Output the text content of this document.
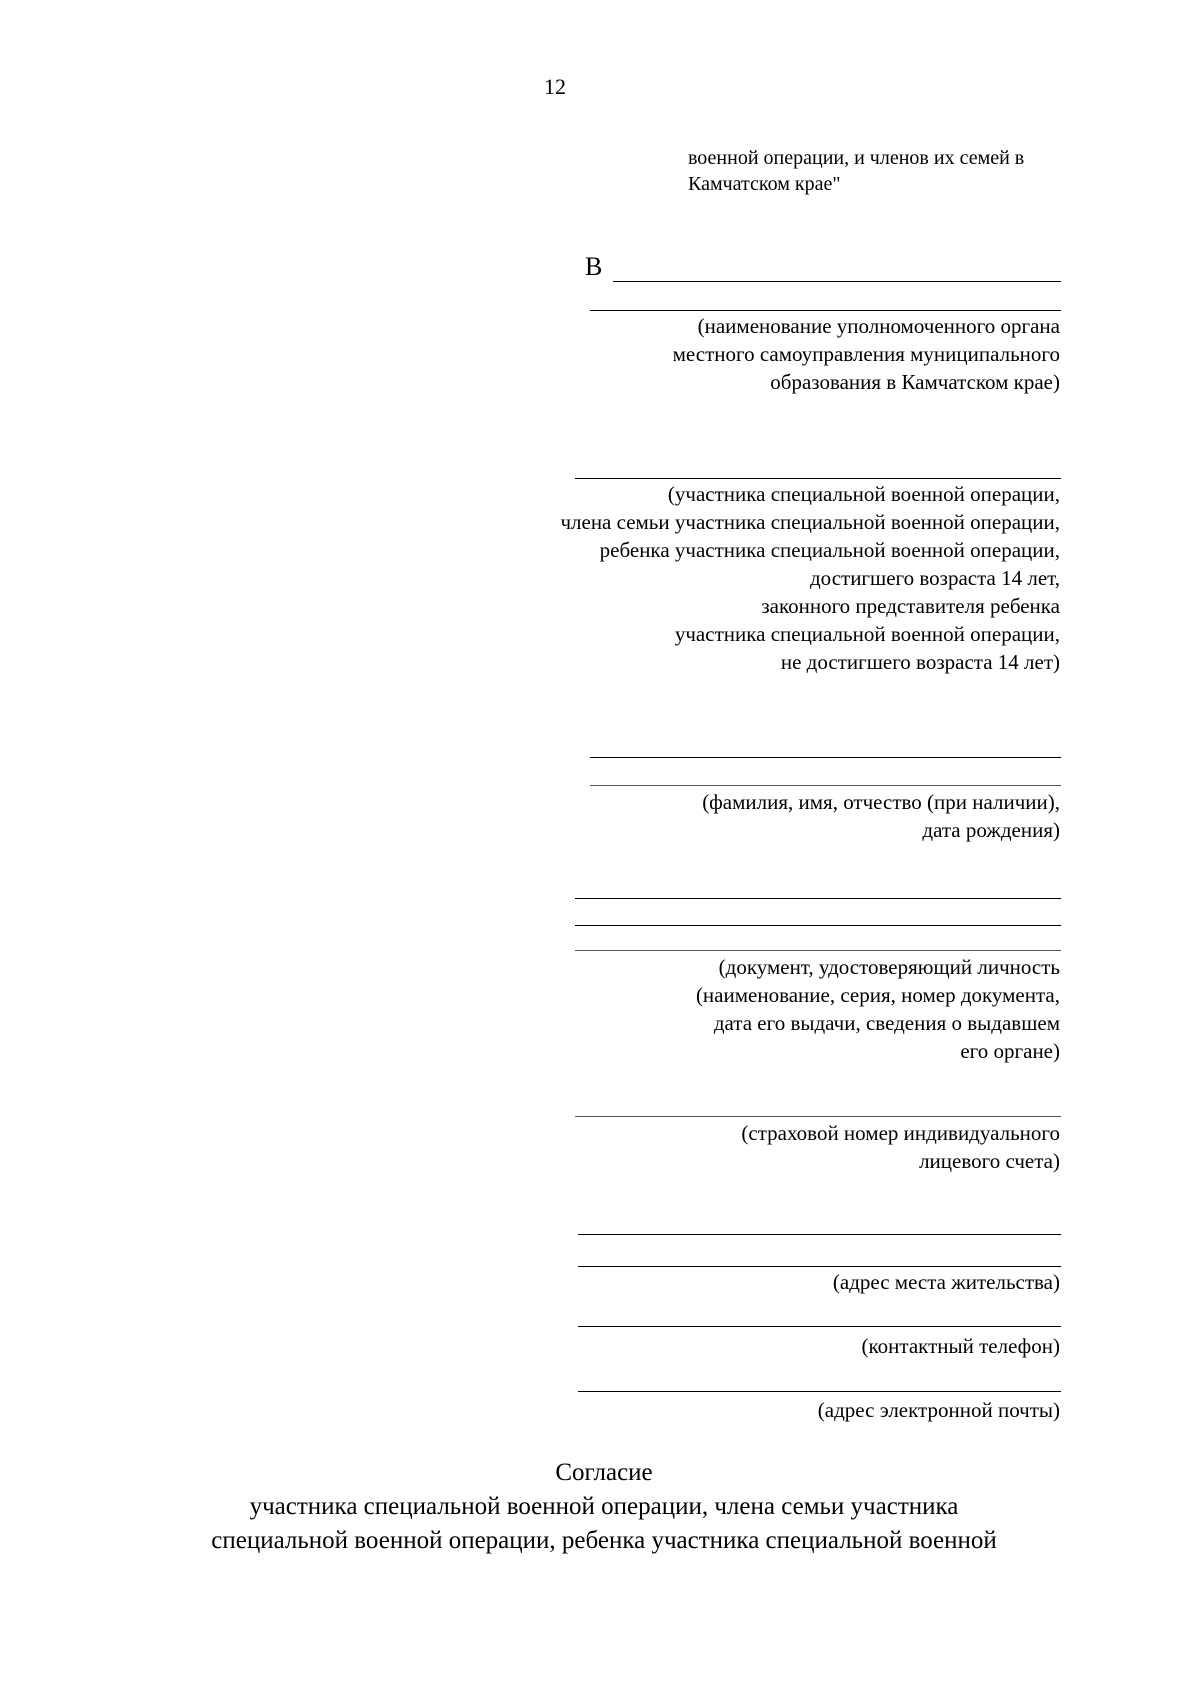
12
военной операции, и членов их семей в
Камчатском крае"
В
(наименование уполномоченного органа
местного самоуправления муниципального
образования в Камчатском крае)
(участника специальной военной операции,
члена семьи участника специальной военной операции,
ребенка участника специальной военной операции,
достигшего возраста 14 лет,
законного представителя ребенка
участника специальной военной операции,
не достигшего возраста 14 лет)
(фамилия, имя, отчество (при наличии),
дата рождения)
(документ, удостоверяющий личность
(наименование, серия, номер документа,
дата его выдачи, сведения о выдавшем
его органе)
(страховой номер индивидуального
лицевого счета)
(адрес места жительства)
(контактный телефон)
(адрес электронной почты)
Согласие
участника специальной военной операции, члена семьи участника
специальной военной операции, ребенка участника специальной военной
